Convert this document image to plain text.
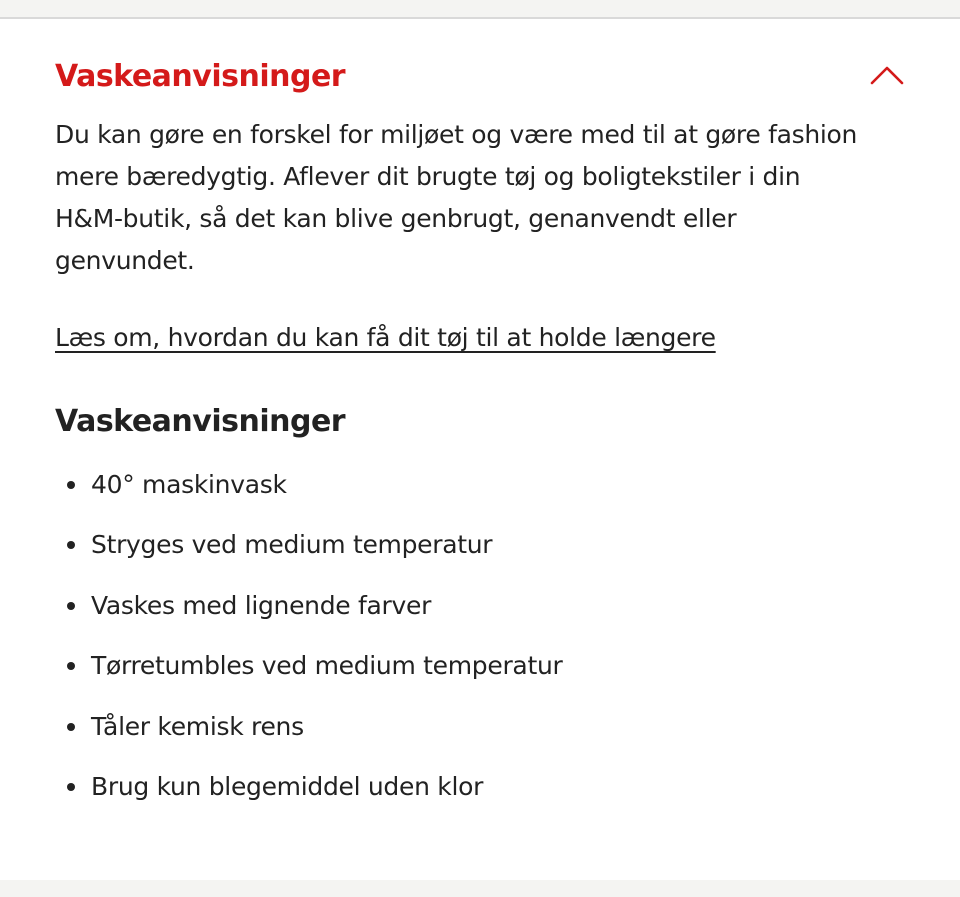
Vaskeanvisninger

Du kan gøre en forskel for miljøet og være med til at gøre fashion
mere bæredygtig. Aflever dit brugte tøj og boligtekstiler i din
H&M-butik, så det kan blive genbrugt, genanvendt eller
genvundet.

Læs om, hvordan du kan få dit tøj til at holde længere
Vaskeanvisninger
40° maskinvask
Stryges ved medium temperatur
Vaskes med lignende farver
Tørretumbles ved medium temperatur
Tåler kemisk rens
Brug kun blegemiddel uden klor
